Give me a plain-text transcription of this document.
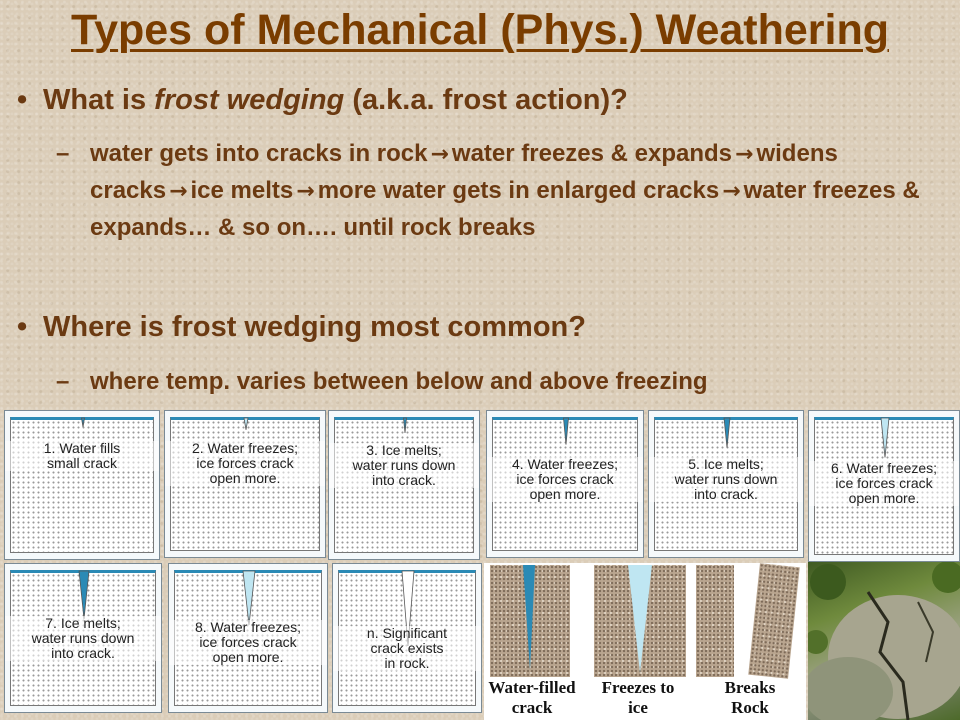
Types of Mechanical (Phys.) Weathering
• What is frost wedging (a.k.a. frost action)?
– water gets into cracks in rock → water freezes & expands → widens cracks → ice melts → more water gets in enlarged cracks → water freezes & expands… & so on…. until rock breaks
• Where is frost wedging most common?
– where temp. varies between below and above freezing
1. Water fills
small crack
2. Water freezes;
ice forces crack
open more.
3. Ice melts;
water runs down
into crack.
4. Water freezes;
ice forces crack
open more.
5. Ice melts;
water runs down
into crack.
6. Water freezes;
ice forces crack
open more.
7. Ice melts;
water runs down
into crack.
8. Water freezes;
ice forces crack
open more.
n. Significant
crack exists
in rock.
Water-filled
crack
Freezes to
ice
Breaks
Rock
